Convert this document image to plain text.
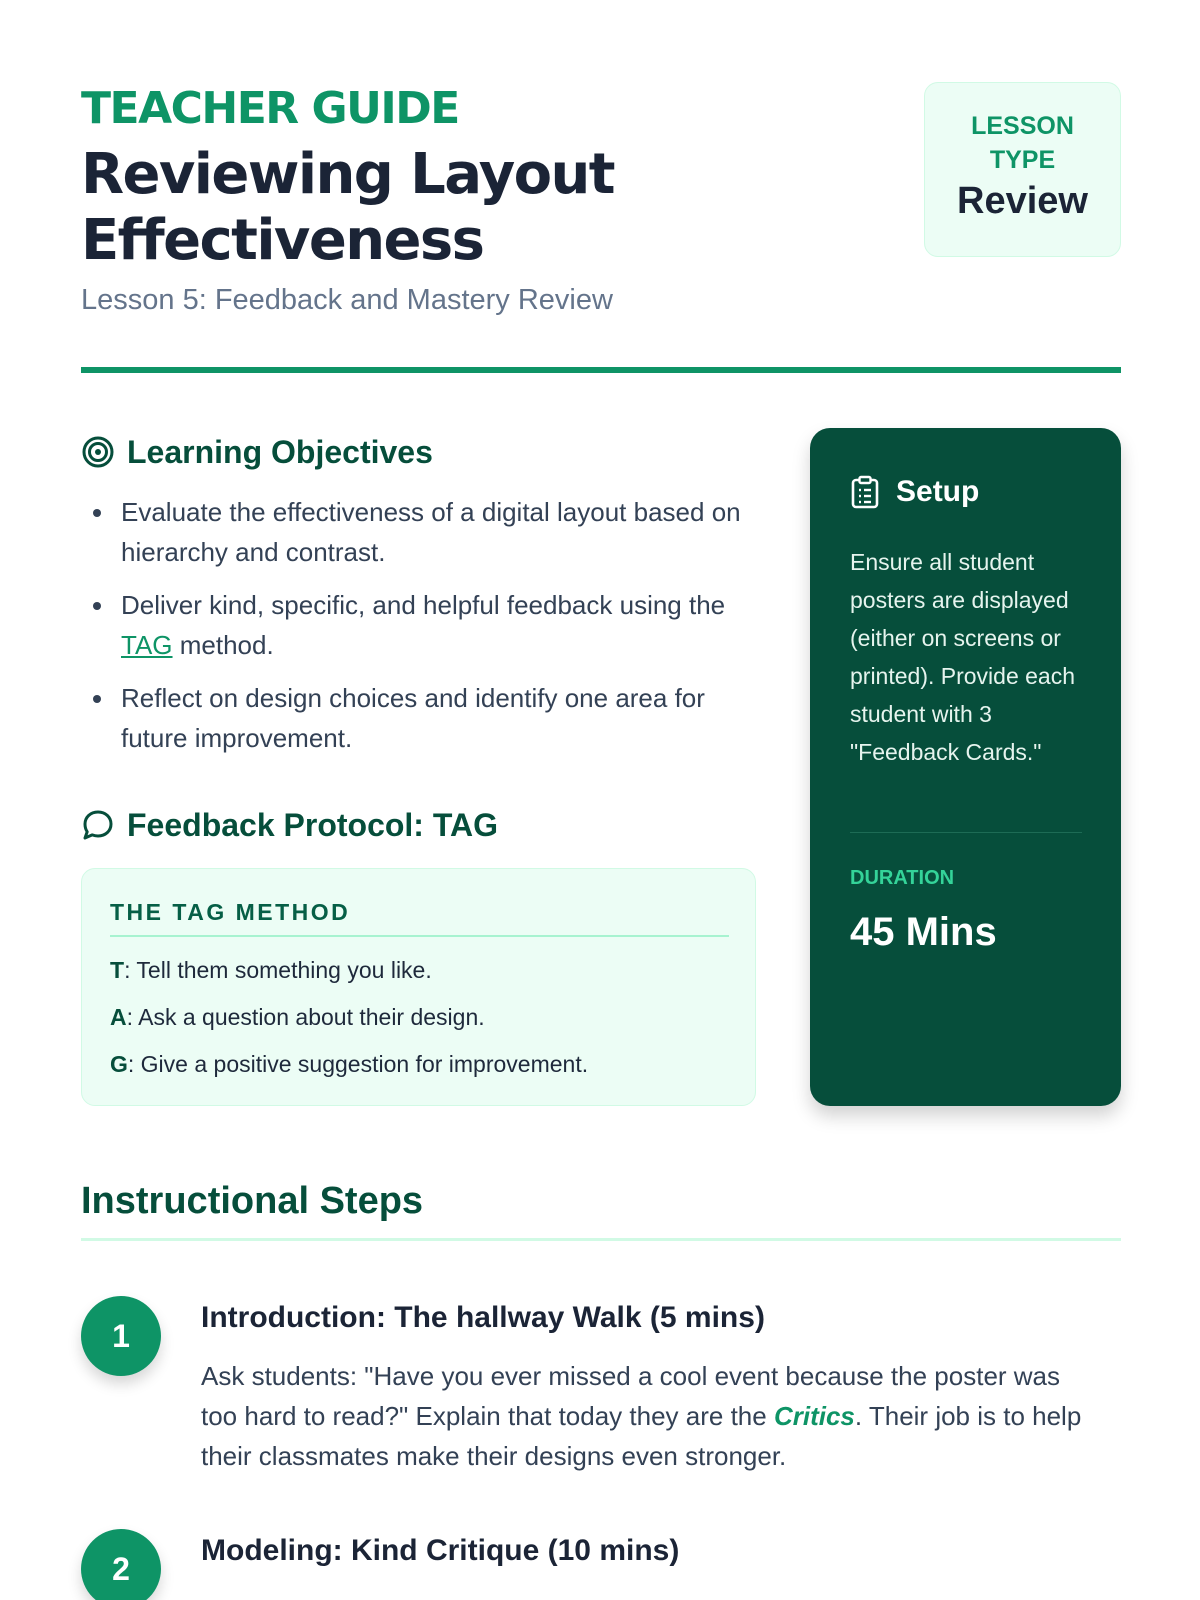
TEACHER GUIDE
Reviewing Layout Effectiveness
Lesson 5: Feedback and Mastery Review
LESSON
TYPE
Review
Learning Objectives
Evaluate the effectiveness of a digital layout based on hierarchy and contrast.
Deliver kind, specific, and helpful feedback using the TAG method.
Reflect on design choices and identify one area for future improvement.
Feedback Protocol: TAG
THE TAG METHOD
T: Tell them something you like.
A: Ask a question about their design.
G: Give a positive suggestion for improvement.
Setup

Ensure all student posters are displayed (either on screens or printed). Provide each student with 3 "Feedback Cards."

DURATION
45 Mins
Instructional Steps
1
Introduction: The hallway Walk (5 mins)

Ask students: "Have you ever missed a cool event because the poster was too hard to read?" Explain that today they are the Critics. Their job is to help their classmates make their designs even stronger.

2
Modeling: Kind Critique (10 mins)
